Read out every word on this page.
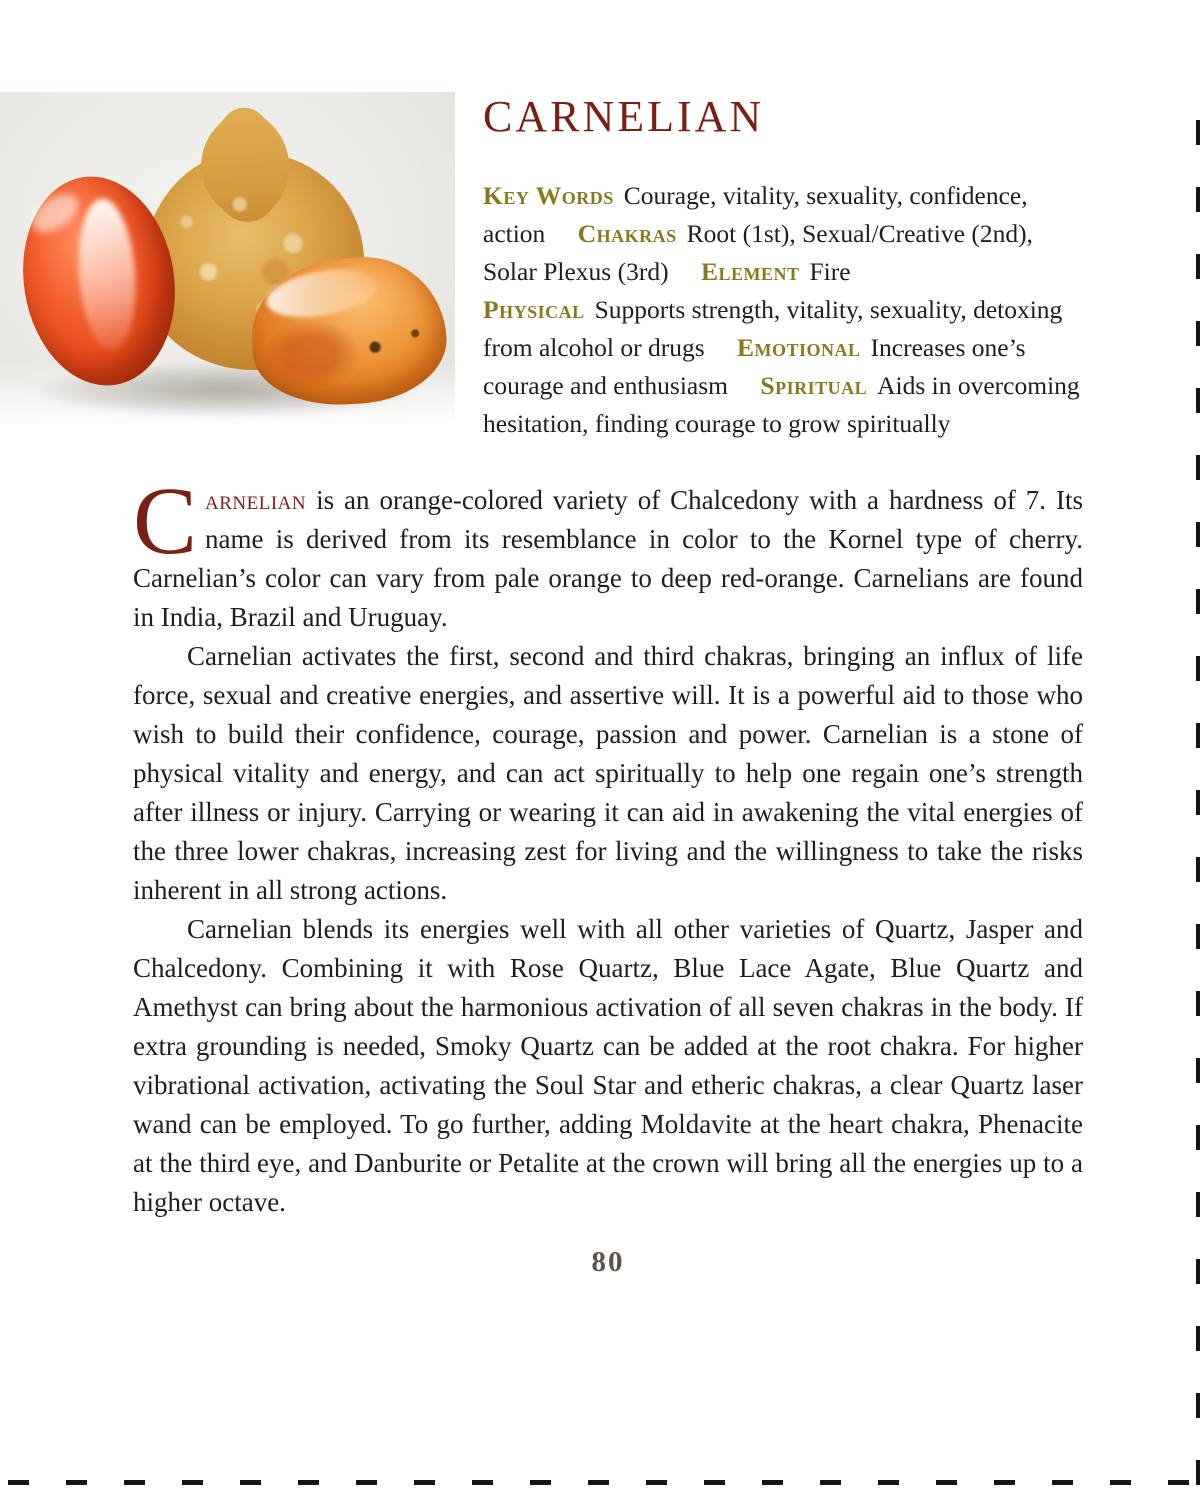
CARNELIAN

Key Words Courage, vitality, sexuality, confidence, action Chakras Root (1st), Sexual/Creative (2nd), Solar Plexus (3rd) Element Fire Physical Supports strength, vitality, sexuality, detoxing from alcohol or drugs Emotional Increases one’s courage and enthusiasm Spiritual Aids in overcoming hesitation, finding courage to grow spiritually

Carnelian is an orange-colored variety of Chalcedony with a hardness of 7. Its name is derived from its resemblance in color to the Kornel type of cherry. Carnelian’s color can vary from pale orange to deep red-orange. Carnelians are found in India, Brazil and Uruguay.

Carnelian activates the first, second and third chakras, bringing an influx of life force, sexual and creative energies, and assertive will. It is a powerful aid to those who wish to build their confidence, courage, passion and power. Carnelian is a stone of physical vitality and energy, and can act spiritually to help one regain one’s strength after illness or injury. Carrying or wearing it can aid in awakening the vital energies of the three lower chakras, increasing zest for living and the willingness to take the risks inherent in all strong actions.

Carnelian blends its energies well with all other varieties of Quartz, Jasper and Chalcedony. Combining it with Rose Quartz, Blue Lace Agate, Blue Quartz and Amethyst can bring about the harmonious activation of all seven chakras in the body. If extra grounding is needed, Smoky Quartz can be added at the root chakra. For higher vibrational activation, activating the Soul Star and etheric chakras, a clear Quartz laser wand can be employed. To go further, adding Moldavite at the heart chakra, Phenacite at the third eye, and Danburite or Petalite at the crown will bring all the energies up to a higher octave.

80
